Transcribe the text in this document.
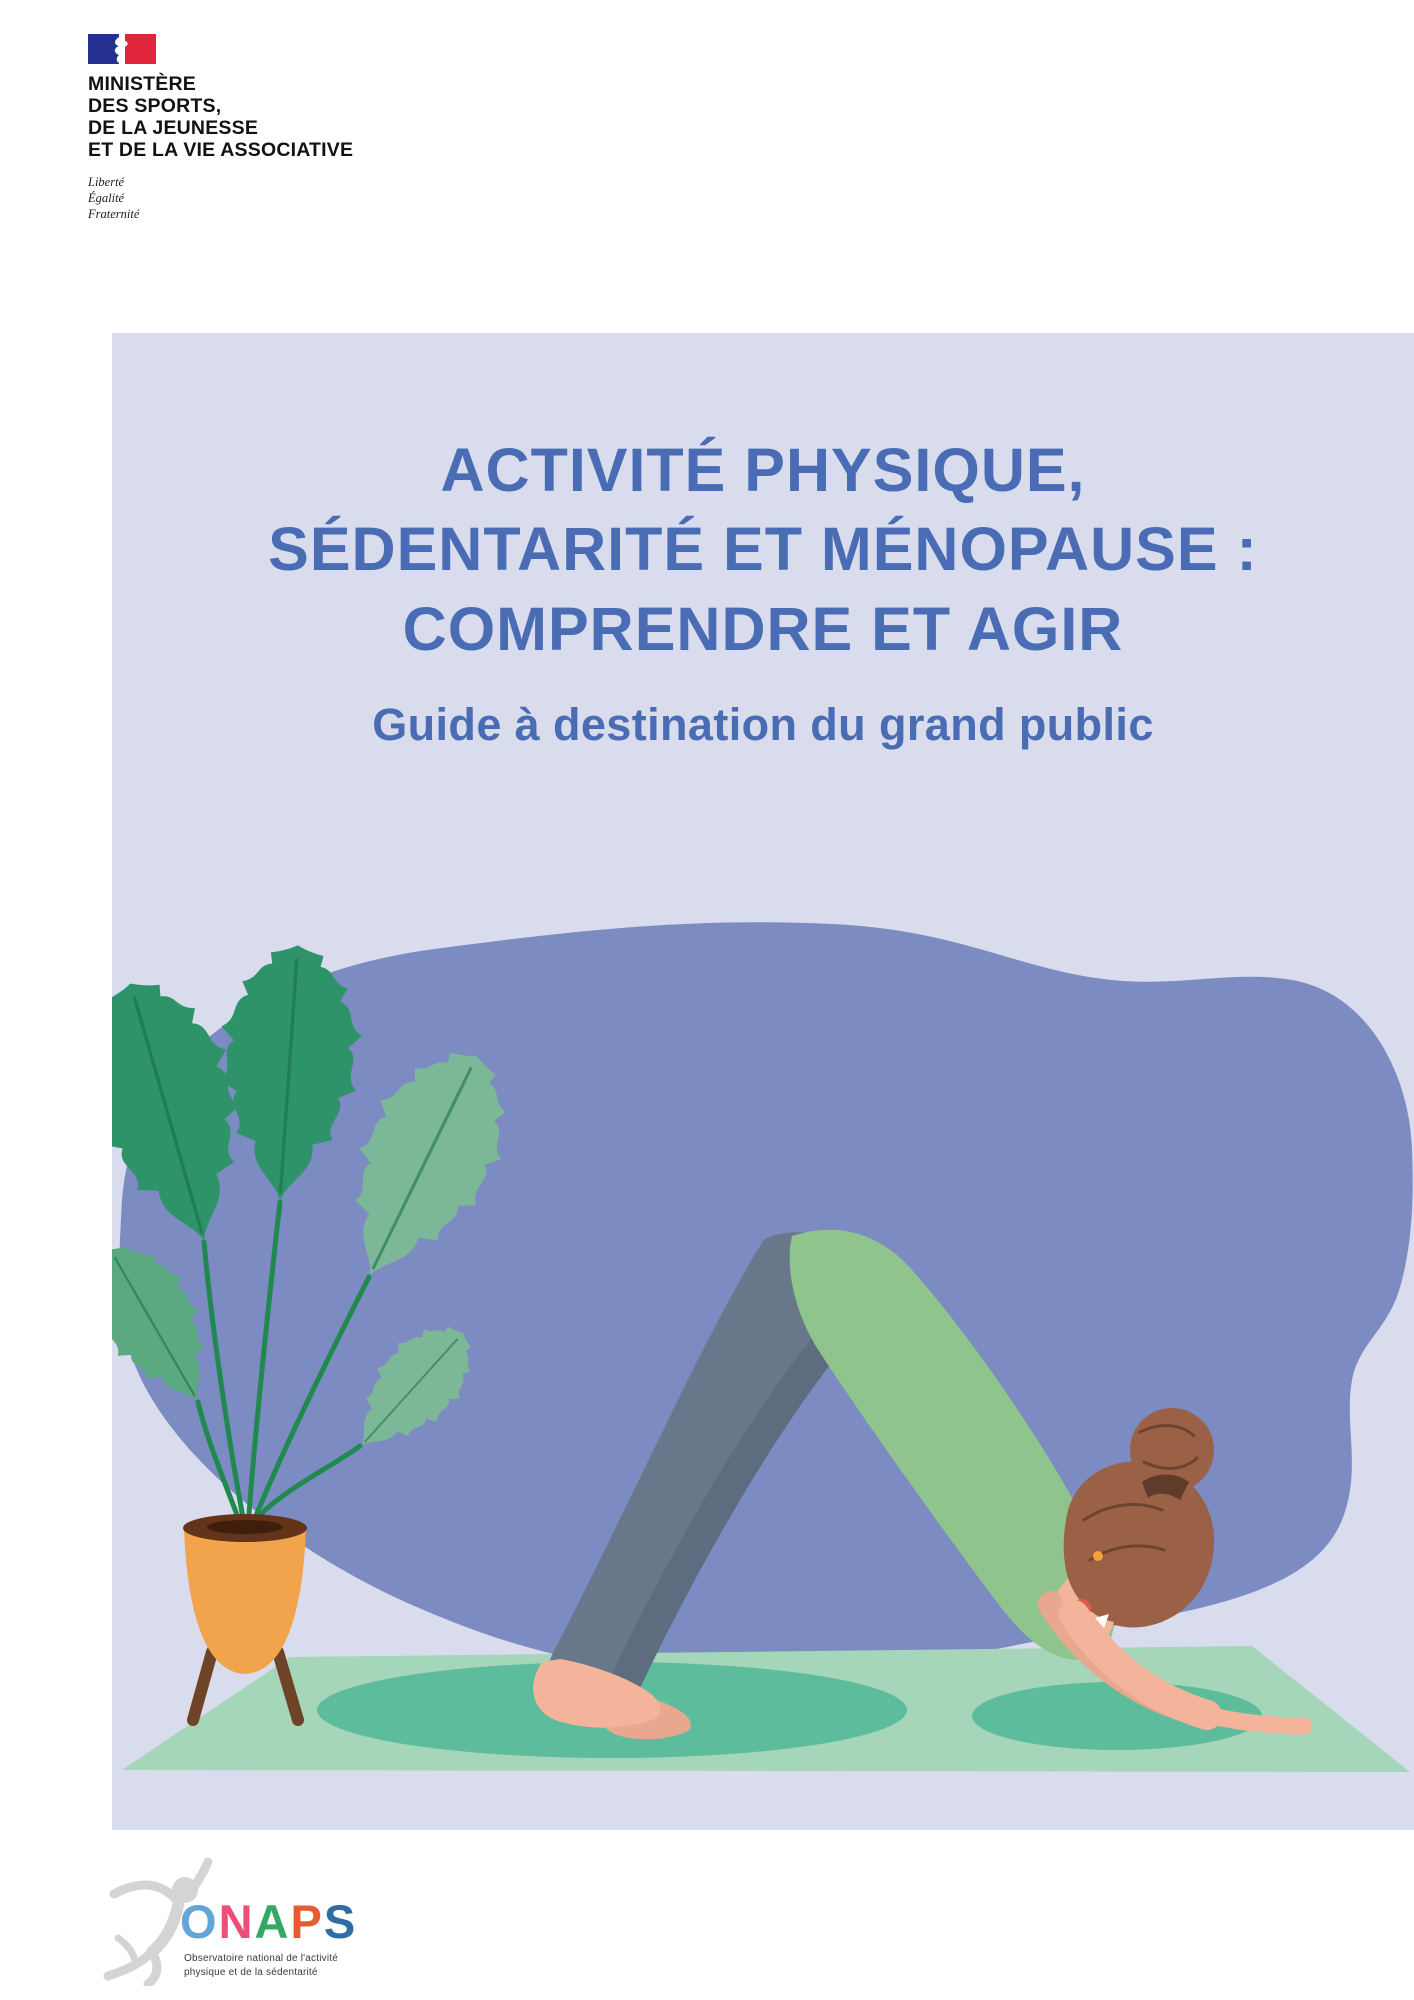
MINISTÈRE
DES SPORTS,
DE LA JEUNESSE
ET DE LA VIE ASSOCIATIVE
Liberté
Égalité
Fraternité
ACTIVITÉ PHYSIQUE,
SÉDENTARITÉ ET MÉNOPAUSE :
COMPRENDRE ET AGIR
Guide à destination du grand public
ONAPS
Observatoire national de l'activité
physique et de la sédentarité
